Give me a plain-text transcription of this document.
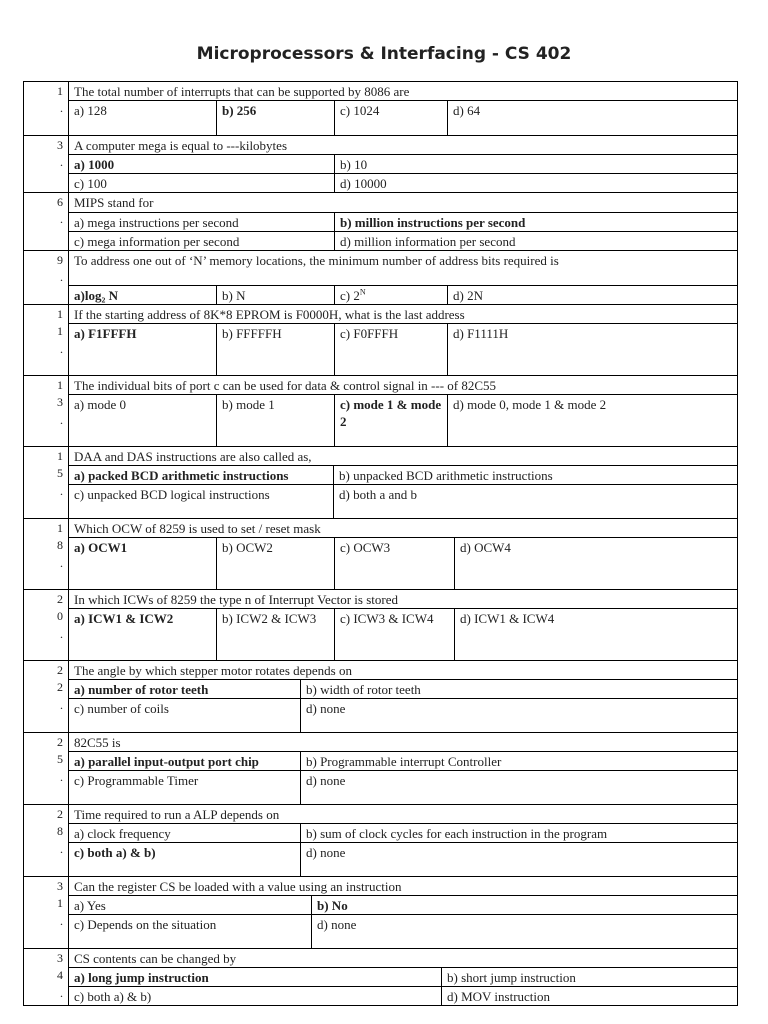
Microprocessors & Interfacing - CS 402
1
.
The total number of interrupts that can be supported by 8086 are
a) 128	b) 256	c) 1024	d) 64
3
.
A computer mega is equal to ---kilobytes
a) 1000	b) 10
c) 100	d) 10000
6
.
MIPS stand for
a) mega instructions per second	b) million instructions per second
c) mega information per second	d) million information per second
9
.
To address one out of ‘N’ memory locations, the minimum number of address bits required is
a)log₂ N	b) N	c) $2^N$	d) 2N
1
1
.
If the starting address of 8K*8 EPROM is F0000H, what is the last address
a) F1FFFH	b) FFFFFH	c) F0FFFH	d) F1111H
1
3
.
The individual bits of port c can be used for data & control signal in --- of 82C55
a) mode 0	b) mode 1	c) mode 1 & mode 2
d) mode 0, mode 1 & mode 2
1
5
.
DAA and DAS instructions are also called as,
a) packed BCD arithmetic instructions	b) unpacked BCD arithmetic instructions
c) unpacked BCD logical instructions	d) both a and b
1
8
.
Which OCW of 8259 is used to set / reset mask
a) OCW1	b) OCW2	c) OCW3	d) OCW4
2
0
.
In which ICWs of 8259 the type n of Interrupt Vector is stored
a) ICW1 & ICW2	b) ICW2 & ICW3	c) ICW3 & ICW4	d) ICW1 & ICW4
2
2
.
The angle by which stepper motor rotates depends on
a) number of rotor teeth	b) width of rotor teeth
c) number of coils	d) none
2
5
.
82C55 is
a) parallel input-output port chip	b) Programmable interrupt Controller
c) Programmable Timer	d) none
2
8
.
Time required to run a ALP depends on
a) clock frequency	b) sum of clock cycles for each instruction in the program
c) both a) & b)	d) none
3
1
.
Can the register CS be loaded with a value using an instruction
a) Yes	b) No
c) Depends on the situation	d) none
3
4
.
CS contents can be changed by
a) long jump instruction	b) short jump instruction
c) both a) & b)	d) MOV instruction
